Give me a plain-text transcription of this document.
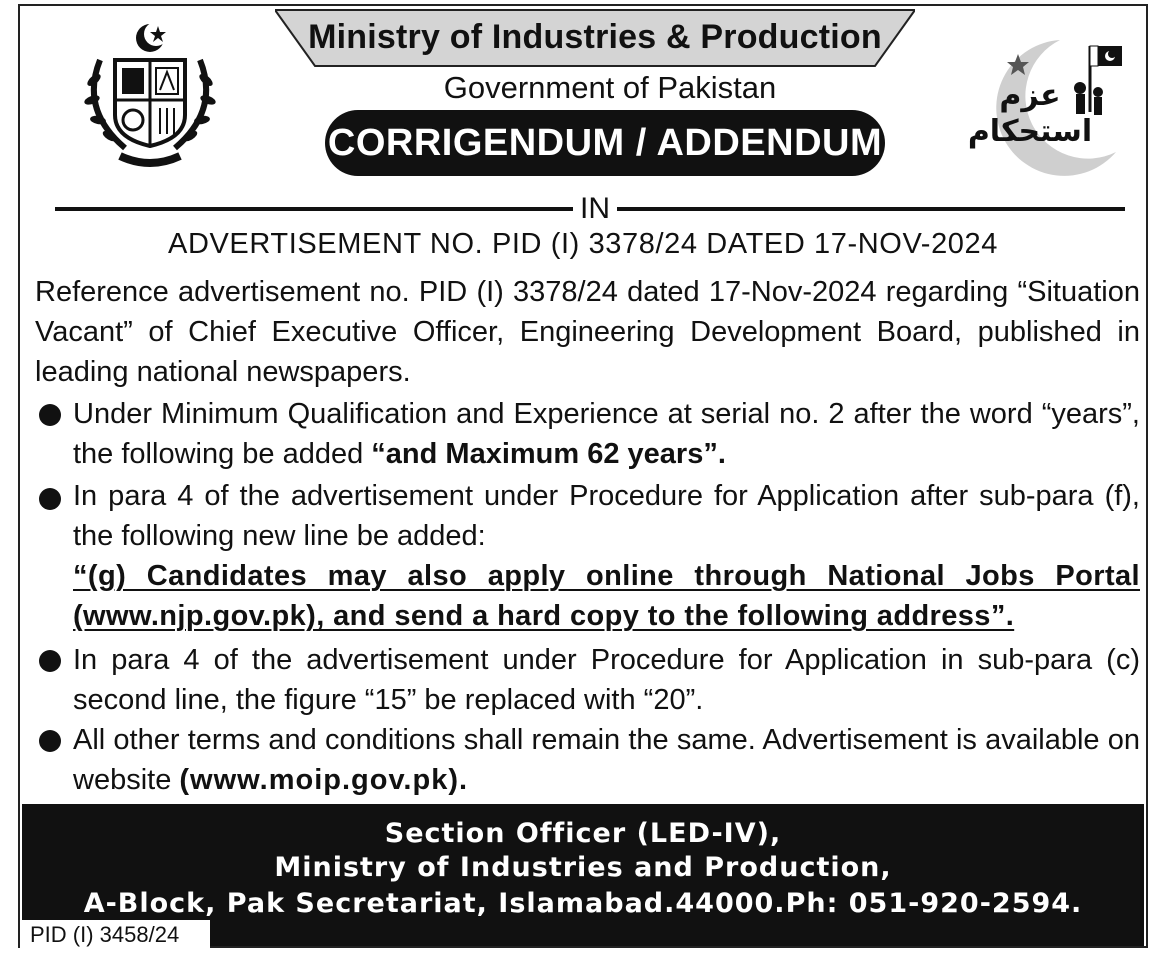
Ministry of Industries & Production
Government of Pakistan
CORRIGENDUM / ADDENDUM
عزم استحکام
IN
ADVERTISEMENT NO. PID (I) 3378/24 DATED 17-NOV-2024
Reference advertisement no. PID (I) 3378/24 dated 17-Nov-2024 regarding “Situation Vacant” of Chief Executive Officer, Engineering Development Board, published in leading national newspapers.
Under Minimum Qualification and Experience at serial no. 2 after the word “years”, the following be added “and Maximum 62 years”.
In para 4 of the advertisement under Procedure for Application after sub-para (f), the following new line be added:
“(g) Candidates may also apply online through National Jobs Portal
(www.njp.gov.pk), and send a hard copy to the following address”.
In para 4 of the advertisement under Procedure for Application in sub-para (c) second line, the figure “15” be replaced with “20”.
All other terms and conditions shall remain the same. Advertisement is available on website (www.moip.gov.pk).
Section Officer (LED-IV),
Ministry of Industries and Production,
A-Block, Pak Secretariat, Islamabad.44000.Ph: 051-920-2594.
PID (I) 3458/24
